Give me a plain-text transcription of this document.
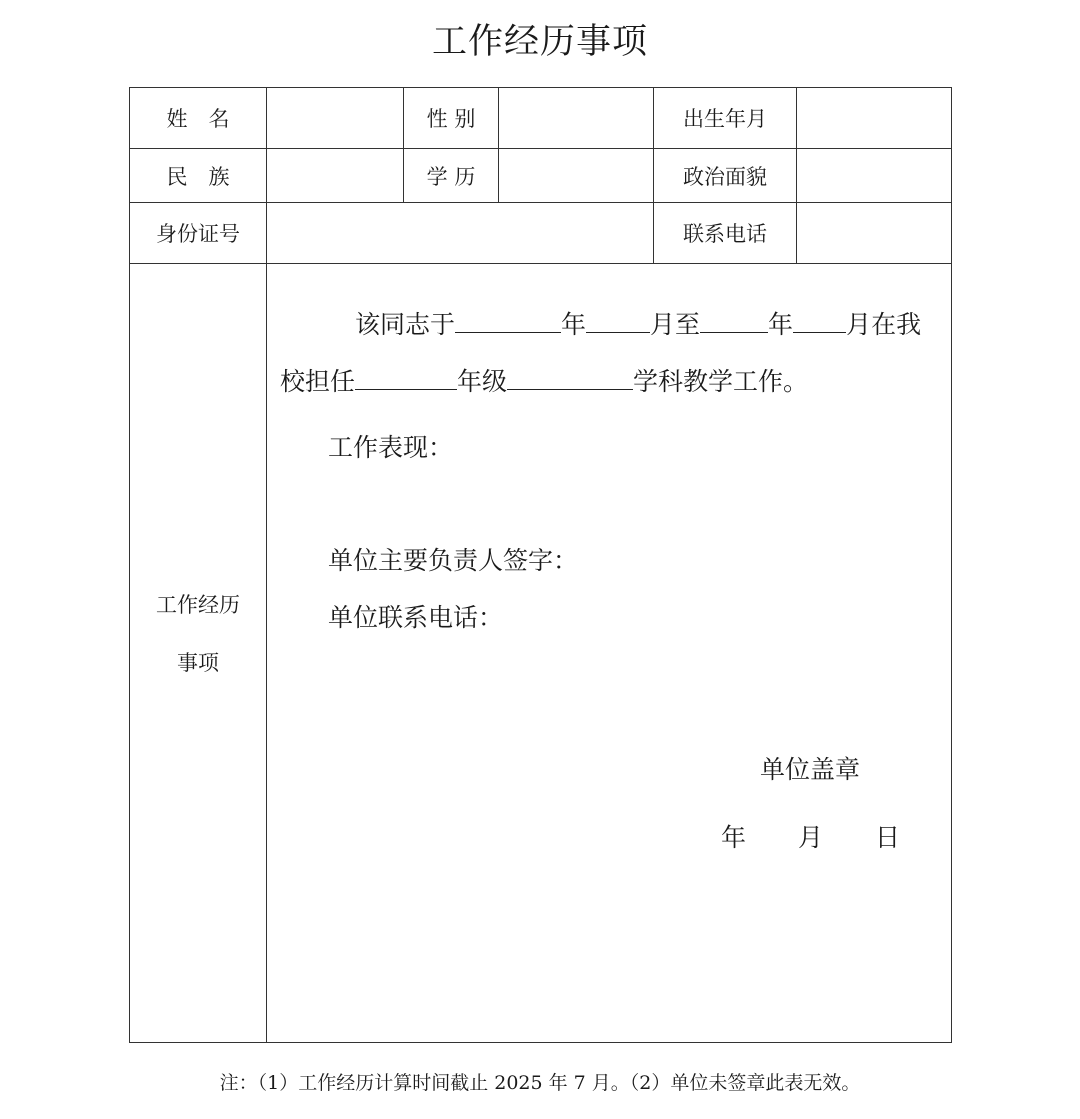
工作经历事项
姓　名	性 别	出生年月
民　族	学 历	政治面貌
身份证号	联系电话
工作经历
事项
该同志于	年	月至	年 月在我
校担任	年级	学科教学工作。
工作表现：
单位主要负责人签字：
单位联系电话：
单位盖章
年 月 日
注：（1）工作经历计算时间截止 2025 年 7 月。（2）单位未签章此表无效。
